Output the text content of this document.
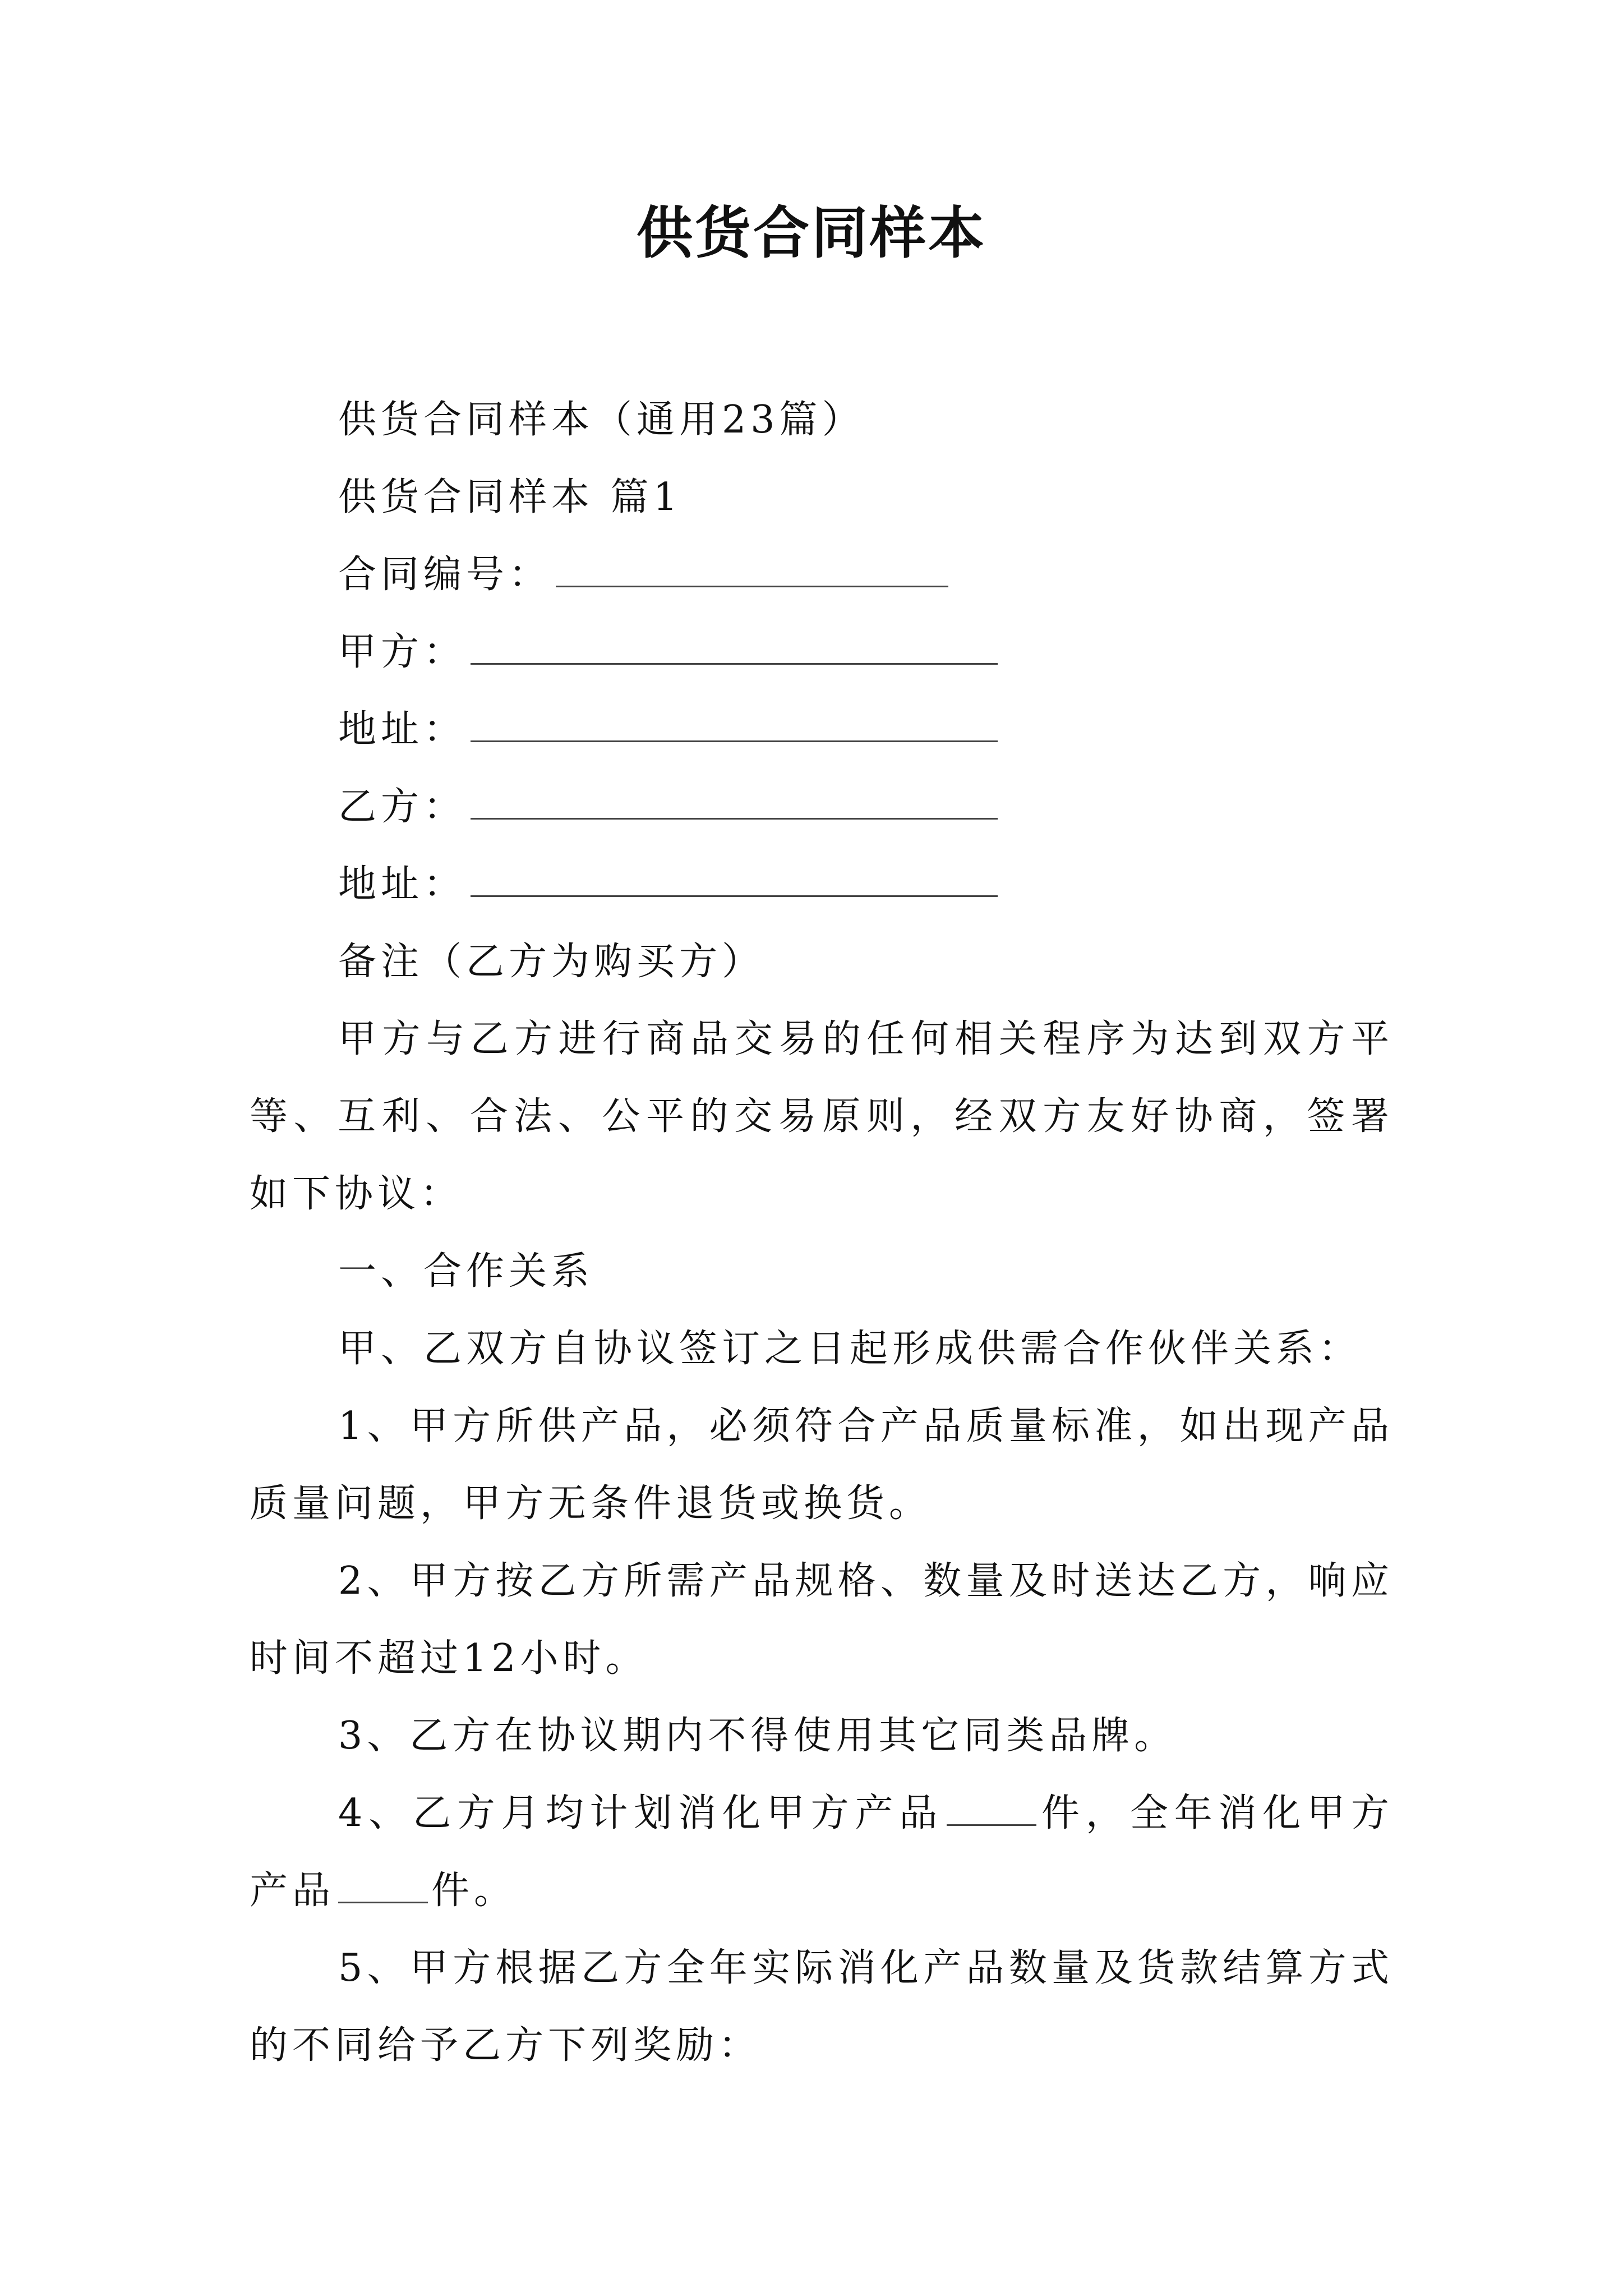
供货合同样本
供货合同样本（通用23篇）
供货合同样本 篇1
合同编号：
甲方：
地址：
乙方：
地址：
备注（乙方为购买方）

甲方与乙方进行商品交易的任何相关程序为达到双方平等、互利、合法、公平的交易原则，经双方友好协商，签署如下协议：

一、合作关系

甲、乙双方自协议签订之日起形成供需合作伙伴关系：

1、甲方所供产品，必须符合产品质量标准，如出现产品质量问题，甲方无条件退货或换货。

2、甲方按乙方所需产品规格、数量及时送达乙方，响应时间不超过12小时。

3、乙方在协议期内不得使用其它同类品牌。

4、乙方月均计划消化甲方产品	件，全年消化甲方产品	件。

5、甲方根据乙方全年实际消化产品数量及货款结算方式的不同给予乙方下列奖励：
